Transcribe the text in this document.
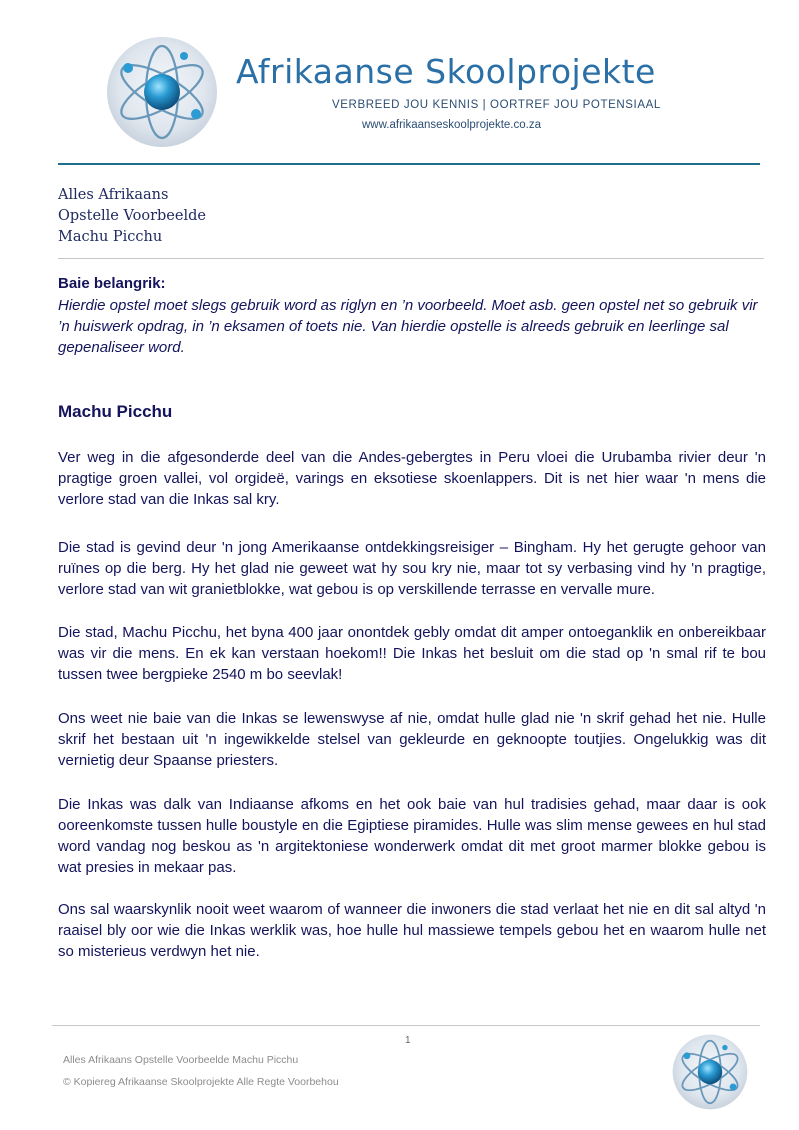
Afrikaanse Skoolprojekte
VERBREED JOU KENNIS | OORTREF JOU POTENSIAAL
www.afrikaanseskoolprojekte.co.za
Alles Afrikaans
Opstelle Voorbeelde
Machu Picchu
Baie belangrik:
Hierdie opstel moet slegs gebruik word as riglyn en ’n voorbeeld. Moet asb. geen opstel net so gebruik vir ’n huiswerk opdrag, in ’n eksamen of toets nie. Van hierdie opstelle is alreeds gebruik en leerlinge sal gepenaliseer word.
Machu Picchu

Ver weg in die afgesonderde deel van die Andes-gebergtes in Peru vloei die Urubamba rivier deur 'n pragtige groen vallei, vol orgideë, varings en eksotiese skoenlappers. Dit is net hier waar 'n mens die verlore stad van die Inkas sal kry.

Die stad is gevind deur 'n jong Amerikaanse ontdekkingsreisiger – Bingham. Hy het gerugte gehoor van ruïnes op die berg. Hy het glad nie geweet wat hy sou kry nie, maar tot sy verbasing vind hy 'n pragtige, verlore stad van wit granietblokke, wat gebou is op verskillende terrasse en vervalle mure.

Die stad, Machu Picchu, het byna 400 jaar onontdek gebly omdat dit amper ontoeganklik en onbereikbaar was vir die mens. En ek kan verstaan hoekom!! Die Inkas het besluit om die stad op 'n smal rif te bou tussen twee bergpieke 2540 m bo seevlak!

Ons weet nie baie van die Inkas se lewenswyse af nie, omdat hulle glad nie 'n skrif gehad het nie. Hulle skrif het bestaan uit 'n ingewikkelde stelsel van gekleurde en geknoopte toutjies. Ongelukkig was dit vernietig deur Spaanse priesters.

Die Inkas was dalk van Indiaanse afkoms en het ook baie van hul tradisies gehad, maar daar is ook ooreenkomste tussen hulle boustyle en die Egiptiese piramides. Hulle was slim mense gewees en hul stad word vandag nog beskou as 'n argitektoniese wonderwerk omdat dit met groot marmer blokke gebou is wat presies in mekaar pas.

Ons sal waarskynlik nooit weet waarom of wanneer die inwoners die stad verlaat het nie en dit sal altyd 'n raaisel bly oor wie die Inkas werklik was, hoe hulle hul massiewe tempels gebou het en waarom hulle net so misterieus verdwyn het nie.

1
Alles Afrikaans Opstelle Voorbeelde Machu Picchu
© Kopiereg Afrikaanse Skoolprojekte Alle Regte Voorbehou
